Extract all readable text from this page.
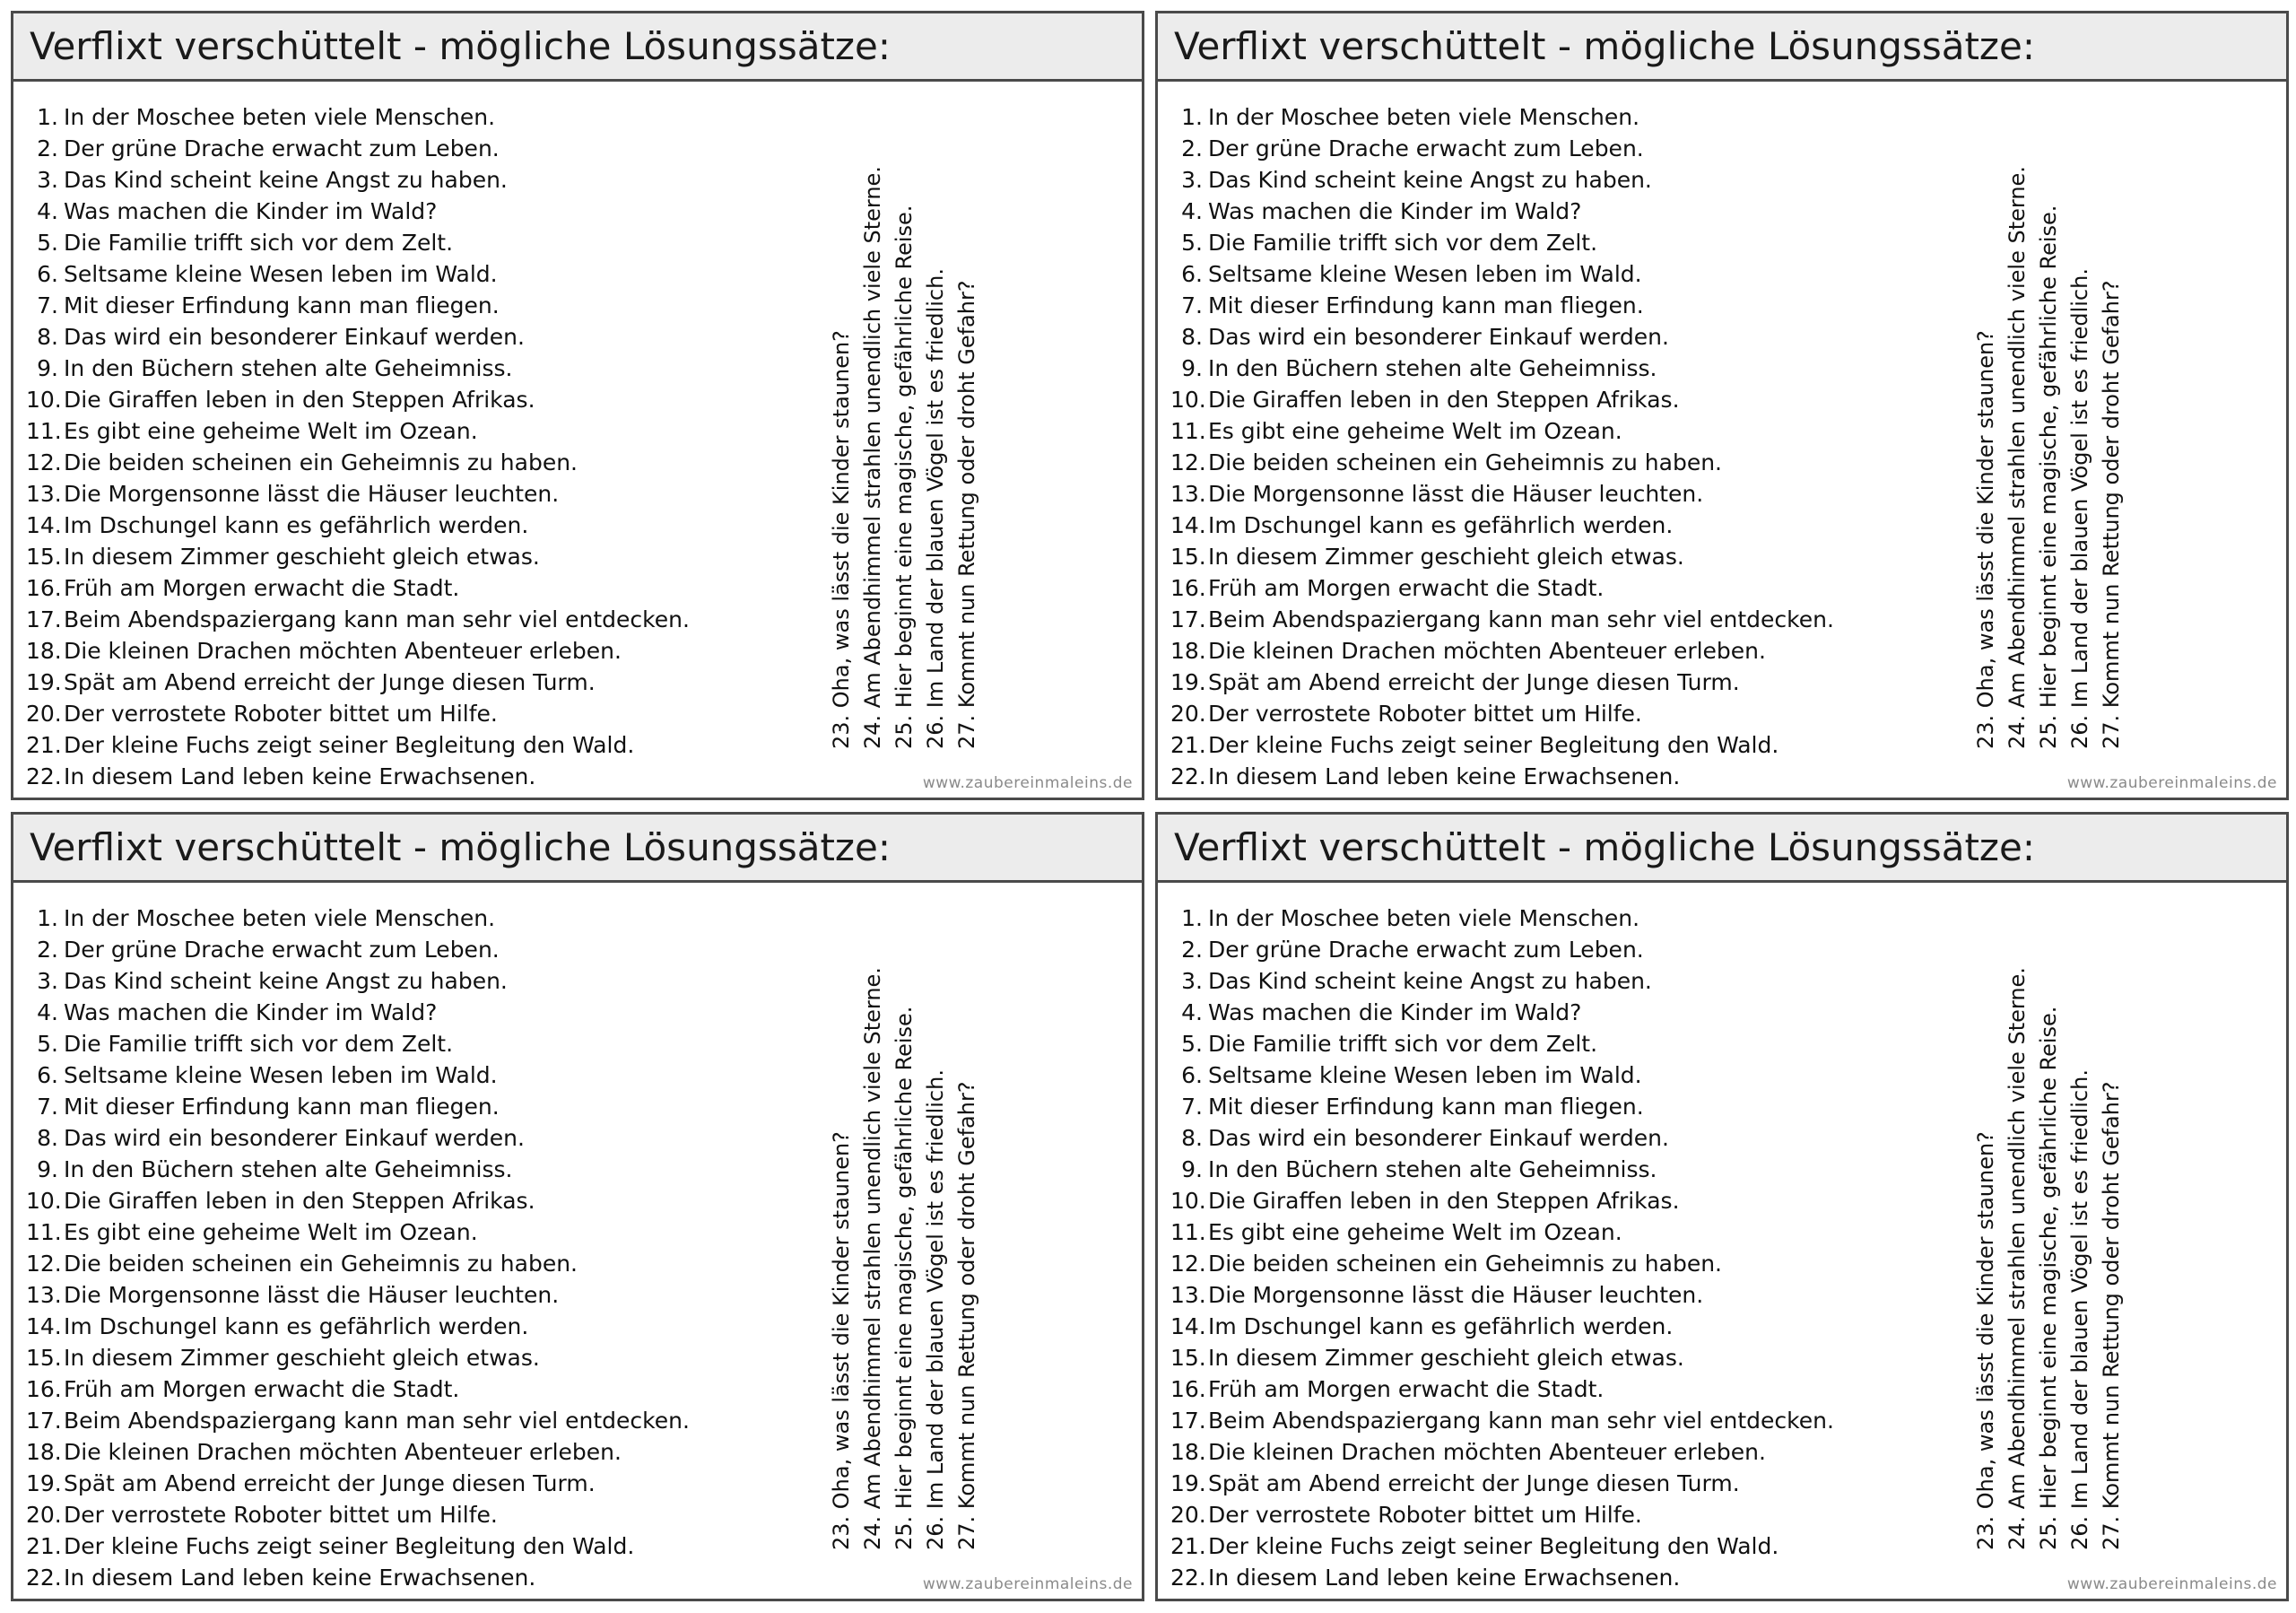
Verflixt verschüttelt - mögliche Lösungssätze:
1. In der Moschee beten viele Menschen.
2. Der grüne Drache erwacht zum Leben.
3. Das Kind scheint keine Angst zu haben.
4. Was machen die Kinder im Wald?
5. Die Familie trifft sich vor dem Zelt.
6. Seltsame kleine Wesen leben im Wald.
7. Mit dieser Erfindung kann man fliegen.
8. Das wird ein besonderer Einkauf werden.
9. In den Büchern stehen alte Geheimniss.
10. Die Giraffen leben in den Steppen Afrikas.
11. Es gibt eine geheime Welt im Ozean.
12. Die beiden scheinen ein Geheimnis zu haben.
13. Die Morgensonne lässt die Häuser leuchten.
14. Im Dschungel kann es gefährlich werden.
15. In diesem Zimmer geschieht gleich etwas.
16. Früh am Morgen erwacht die Stadt.
17. Beim Abendspaziergang kann man sehr viel entdecken.
18. Die kleinen Drachen möchten Abenteuer erleben.
19. Spät am Abend erreicht der Junge diesen Turm.
20. Der verrostete Roboter bittet um Hilfe.
21. Der kleine Fuchs zeigt seiner Begleitung den Wald.
22. In diesem Land leben keine Erwachsenen.
23. Oha, was lässt die Kinder staunen? 24. Am Abendhimmel strahlen unendlich viele Sterne. 25. Hier beginnt eine magische, gefährliche Reise. 26. Im Land der blauen Vögel ist es friedlich. 27. Kommt nun Rettung oder droht Gefahr?
www.zaubereinmaleins.de
Verflixt verschüttelt - mögliche Lösungssätze:
1. In der Moschee beten viele Menschen.
2. Der grüne Drache erwacht zum Leben.
3. Das Kind scheint keine Angst zu haben.
4. Was machen die Kinder im Wald?
5. Die Familie trifft sich vor dem Zelt.
6. Seltsame kleine Wesen leben im Wald.
7. Mit dieser Erfindung kann man fliegen.
8. Das wird ein besonderer Einkauf werden.
9. In den Büchern stehen alte Geheimniss.
10. Die Giraffen leben in den Steppen Afrikas.
11. Es gibt eine geheime Welt im Ozean.
12. Die beiden scheinen ein Geheimnis zu haben.
13. Die Morgensonne lässt die Häuser leuchten.
14. Im Dschungel kann es gefährlich werden.
15. In diesem Zimmer geschieht gleich etwas.
16. Früh am Morgen erwacht die Stadt.
17. Beim Abendspaziergang kann man sehr viel entdecken.
18. Die kleinen Drachen möchten Abenteuer erleben.
19. Spät am Abend erreicht der Junge diesen Turm.
20. Der verrostete Roboter bittet um Hilfe.
21. Der kleine Fuchs zeigt seiner Begleitung den Wald.
22. In diesem Land leben keine Erwachsenen.
23. Oha, was lässt die Kinder staunen? 24. Am Abendhimmel strahlen unendlich viele Sterne. 25. Hier beginnt eine magische, gefährliche Reise. 26. Im Land der blauen Vögel ist es friedlich. 27. Kommt nun Rettung oder droht Gefahr?
www.zaubereinmaleins.de
Verflixt verschüttelt - mögliche Lösungssätze:
1. In der Moschee beten viele Menschen.
2. Der grüne Drache erwacht zum Leben.
3. Das Kind scheint keine Angst zu haben.
4. Was machen die Kinder im Wald?
5. Die Familie trifft sich vor dem Zelt.
6. Seltsame kleine Wesen leben im Wald.
7. Mit dieser Erfindung kann man fliegen.
8. Das wird ein besonderer Einkauf werden.
9. In den Büchern stehen alte Geheimniss.
10. Die Giraffen leben in den Steppen Afrikas.
11. Es gibt eine geheime Welt im Ozean.
12. Die beiden scheinen ein Geheimnis zu haben.
13. Die Morgensonne lässt die Häuser leuchten.
14. Im Dschungel kann es gefährlich werden.
15. In diesem Zimmer geschieht gleich etwas.
16. Früh am Morgen erwacht die Stadt.
17. Beim Abendspaziergang kann man sehr viel entdecken.
18. Die kleinen Drachen möchten Abenteuer erleben.
19. Spät am Abend erreicht der Junge diesen Turm.
20. Der verrostete Roboter bittet um Hilfe.
21. Der kleine Fuchs zeigt seiner Begleitung den Wald.
22. In diesem Land leben keine Erwachsenen.
23. Oha, was lässt die Kinder staunen? 24. Am Abendhimmel strahlen unendlich viele Sterne. 25. Hier beginnt eine magische, gefährliche Reise. 26. Im Land der blauen Vögel ist es friedlich. 27. Kommt nun Rettung oder droht Gefahr?
www.zaubereinmaleins.de
Verflixt verschüttelt - mögliche Lösungssätze:
1. In der Moschee beten viele Menschen.
2. Der grüne Drache erwacht zum Leben.
3. Das Kind scheint keine Angst zu haben.
4. Was machen die Kinder im Wald?
5. Die Familie trifft sich vor dem Zelt.
6. Seltsame kleine Wesen leben im Wald.
7. Mit dieser Erfindung kann man fliegen.
8. Das wird ein besonderer Einkauf werden.
9. In den Büchern stehen alte Geheimniss.
10. Die Giraffen leben in den Steppen Afrikas.
11. Es gibt eine geheime Welt im Ozean.
12. Die beiden scheinen ein Geheimnis zu haben.
13. Die Morgensonne lässt die Häuser leuchten.
14. Im Dschungel kann es gefährlich werden.
15. In diesem Zimmer geschieht gleich etwas.
16. Früh am Morgen erwacht die Stadt.
17. Beim Abendspaziergang kann man sehr viel entdecken.
18. Die kleinen Drachen möchten Abenteuer erleben.
19. Spät am Abend erreicht der Junge diesen Turm.
20. Der verrostete Roboter bittet um Hilfe.
21. Der kleine Fuchs zeigt seiner Begleitung den Wald.
22. In diesem Land leben keine Erwachsenen.
23. Oha, was lässt die Kinder staunen? 24. Am Abendhimmel strahlen unendlich viele Sterne. 25. Hier beginnt eine magische, gefährliche Reise. 26. Im Land der blauen Vögel ist es friedlich. 27. Kommt nun Rettung oder droht Gefahr?
www.zaubereinmaleins.de
